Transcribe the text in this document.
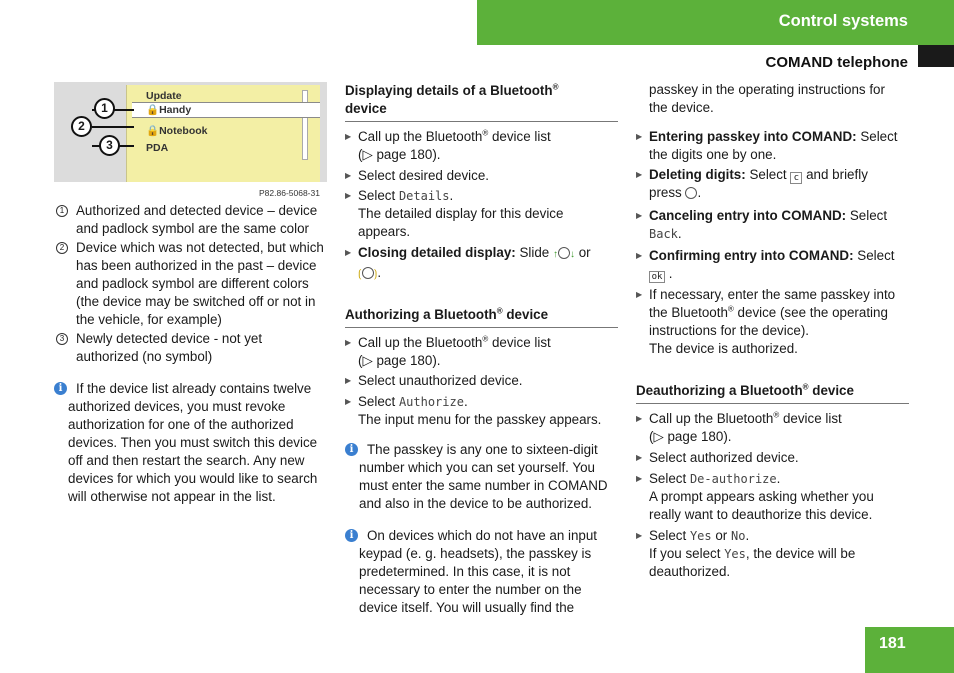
Control systems
COMAND telephone
Update
🔒Handy
🔒Notebook
PDA
1
2
3
P82.86-5068-31
1 Authorized and detected device – device
and padlock symbol are the same color
2 Device which was not detected, but which
has been authorized in the past – device
and padlock symbol are different colors
(the device may be switched off or not in
the vehicle, for example)
3 Newly detected device - not yet
authorized (no symbol)
i	If the device list already contains twelve
authorized devices, you must revoke
authorization for one of the authorized
devices. Then you must switch this device
off and then restart the search. Any new
devices for which you would like to search
will otherwise not appear in the list.
Displaying details of a Bluetooth®
device
▶ Call up the Bluetooth® device list
(▷ page 180).
▶ Select desired device.
▶ Select Details.
The detailed display for this device
appears.
▶ Closing detailed display: Slide ↑ ↓ or
⟮ ⟯.
Authorizing a Bluetooth® device
▶ Call up the Bluetooth® device list
(▷ page 180).
▶ Select unauthorized device.
▶ Select Authorize.
The input menu for the passkey appears.
i	The passkey is any one to sixteen-digit
number which you can set yourself. You
must enter the same number in COMAND
and also in the device to be authorized.
i	On devices which do not have an input
keypad (e. g. headsets), the passkey is
predetermined. In this case, it is not
necessary to enter the number on the
device itself. You will usually find the
passkey in the operating instructions for
the device.
▶ Entering passkey into COMAND: Select
the digits one by one.
▶ Deleting digits: Select c and briefly
press .
▶ Canceling entry into COMAND: Select
Back.
▶ Confirming entry into COMAND: Select
ok .
▶ If necessary, enter the same passkey into
the Bluetooth® device (see the operating
instructions for the device).
The device is authorized.
Deauthorizing a Bluetooth® device
▶ Call up the Bluetooth® device list
(▷ page 180).
▶ Select authorized device.
▶ Select De-authorize.
A prompt appears asking whether you
really want to deauthorize this device.
▶ Select Yes or No.
If you select Yes, the device will be
deauthorized.
181
